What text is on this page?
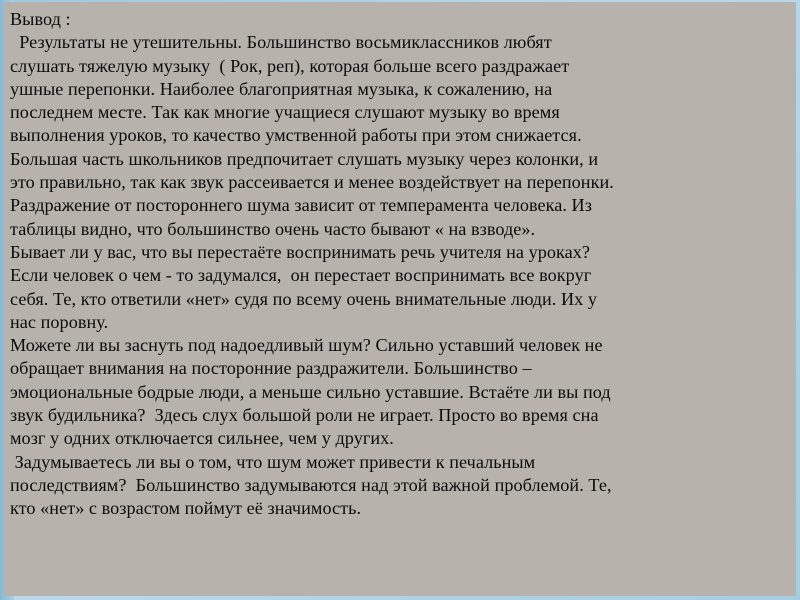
Вывод :
Результаты не утешительны. Большинство восьмиклассников любят
слушать тяжелую музыку  ( Рок, реп), которая больше всего раздражает
ушные перепонки. Наиболее благоприятная музыка, к сожалению, на
последнем месте. Так как многие учащиеся слушают музыку во время
выполнения уроков, то качество умственной работы при этом снижается.
Большая часть школьников предпочитает слушать музыку через колонки, и
это правильно, так как звук рассеивается и менее воздействует на перепонки.
Раздражение от постороннего шума зависит от темперамента человека. Из
таблицы видно, что большинство очень часто бывают « на взводе».
Бывает ли у вас, что вы перестаёте воспринимать речь учителя на уроках?
Если человек о чем - то задумался,  он перестает воспринимать все вокруг
себя. Те, кто ответили «нет» судя по всему очень внимательные люди. Их у
нас поровну.
Можете ли вы заснуть под надоедливый шум? Сильно уставший человек не
обращает внимания на посторонние раздражители. Большинство –
эмоциональные бодрые люди, а меньше сильно уставшие. Встаёте ли вы под
звук будильника?  Здесь слух большой роли не играет. Просто во время сна
мозг у одних отключается сильнее, чем у других.
Задумываетесь ли вы о том, что шум может привести к печальным
последствиям?  Большинство задумываются над этой важной проблемой. Те,
кто «нет» с возрастом поймут её значимость.
